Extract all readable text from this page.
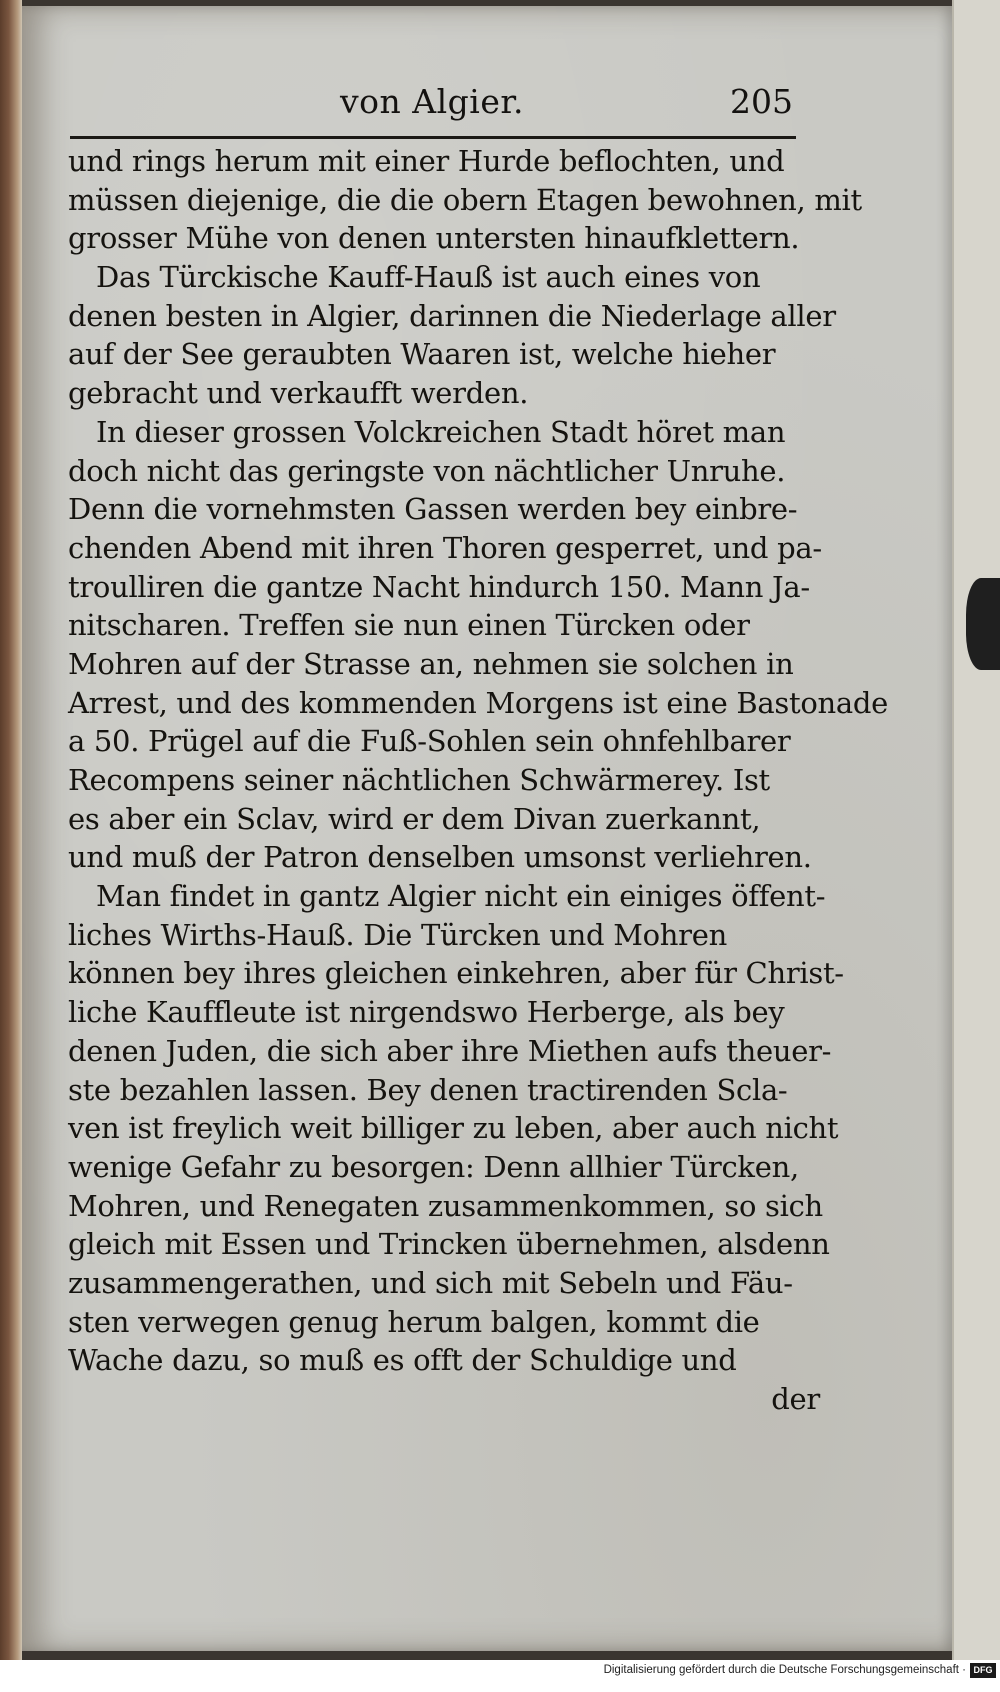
von Algier.	205
und rings herum mit einer Hurde beflochten, und
müssen diejenige, die die obern Etagen bewohnen, mit
grosser Mühe von denen untersten hinaufklettern.
Das Türckische Kauff-Hauß ist auch eines von
denen besten in Algier, darinnen die Niederlage aller
auf der See geraubten Waaren ist, welche hieher
gebracht und verkaufft werden.
In dieser grossen Volckreichen Stadt höret man
doch nicht das geringste von nächtlicher Unruhe.
Denn die vornehmsten Gassen werden bey einbre-
chenden Abend mit ihren Thoren gesperret, und pa-
troulliren die gantze Nacht hindurch 150. Mann Ja-
nitscharen. Treffen sie nun einen Türcken oder
Mohren auf der Strasse an, nehmen sie solchen in
Arrest, und des kommenden Morgens ist eine Bastonade
a 50. Prügel auf die Fuß-Sohlen sein ohnfehlbarer
Recompens seiner nächtlichen Schwärmerey. Ist
es aber ein Sclav, wird er dem Divan zuerkannt,
und muß der Patron denselben umsonst verliehren.
Man findet in gantz Algier nicht ein einiges öffent-
liches Wirths-Hauß. Die Türcken und Mohren
können bey ihres gleichen einkehren, aber für Christ-
liche Kauffleute ist nirgendswo Herberge, als bey
denen Juden, die sich aber ihre Miethen aufs theuer-
ste bezahlen lassen. Bey denen tractirenden Scla-
ven ist freylich weit billiger zu leben, aber auch nicht
wenige Gefahr zu besorgen: Denn allhier Türcken,
Mohren, und Renegaten zusammenkommen, so sich
gleich mit Essen und Trincken übernehmen, alsdenn
zusammengerathen, und sich mit Sebeln und Fäu-
sten verwegen genug herum balgen, kommt die
Wache dazu, so muß es offt der Schuldige und
der
Digitalisierung gefördert durch die Deutsche Forschungsgemeinschaft · DFG
